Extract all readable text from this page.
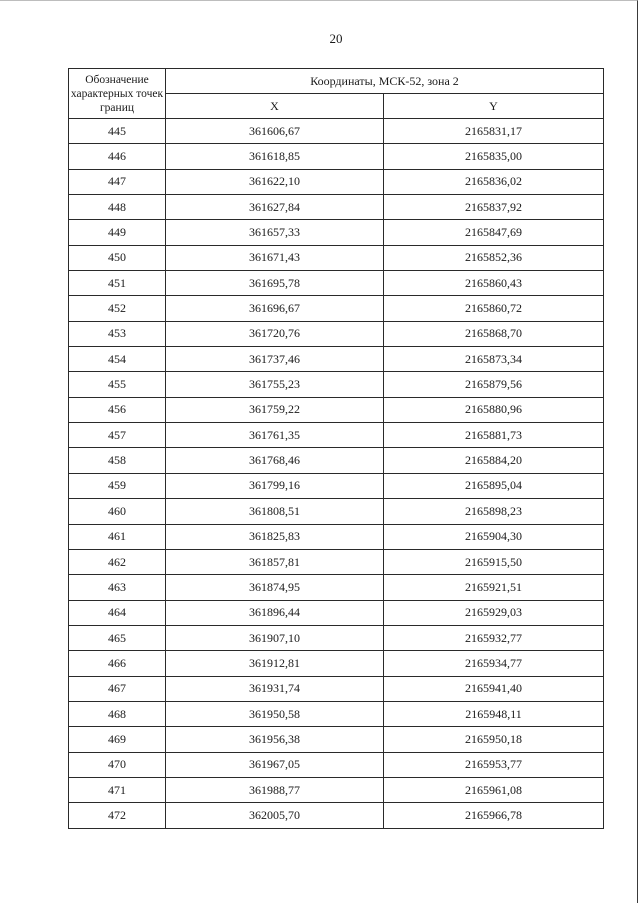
20
Обозначение характерных точек границ	Координаты, МСК-52, зона 2	
	X	Y
445	361606,67	2165831,17
446	361618,85	2165835,00
447	361622,10	2165836,02
448	361627,84	2165837,92
449	361657,33	2165847,69
450	361671,43	2165852,36
451	361695,78	2165860,43
452	361696,67	2165860,72
453	361720,76	2165868,70
454	361737,46	2165873,34
455	361755,23	2165879,56
456	361759,22	2165880,96
457	361761,35	2165881,73
458	361768,46	2165884,20
459	361799,16	2165895,04
460	361808,51	2165898,23
461	361825,83	2165904,30
462	361857,81	2165915,50
463	361874,95	2165921,51
464	361896,44	2165929,03
465	361907,10	2165932,77
466	361912,81	2165934,77
467	361931,74	2165941,40
468	361950,58	2165948,11
469	361956,38	2165950,18
470	361967,05	2165953,77
471	361988,77	2165961,08
472	362005,70	2165966,78
